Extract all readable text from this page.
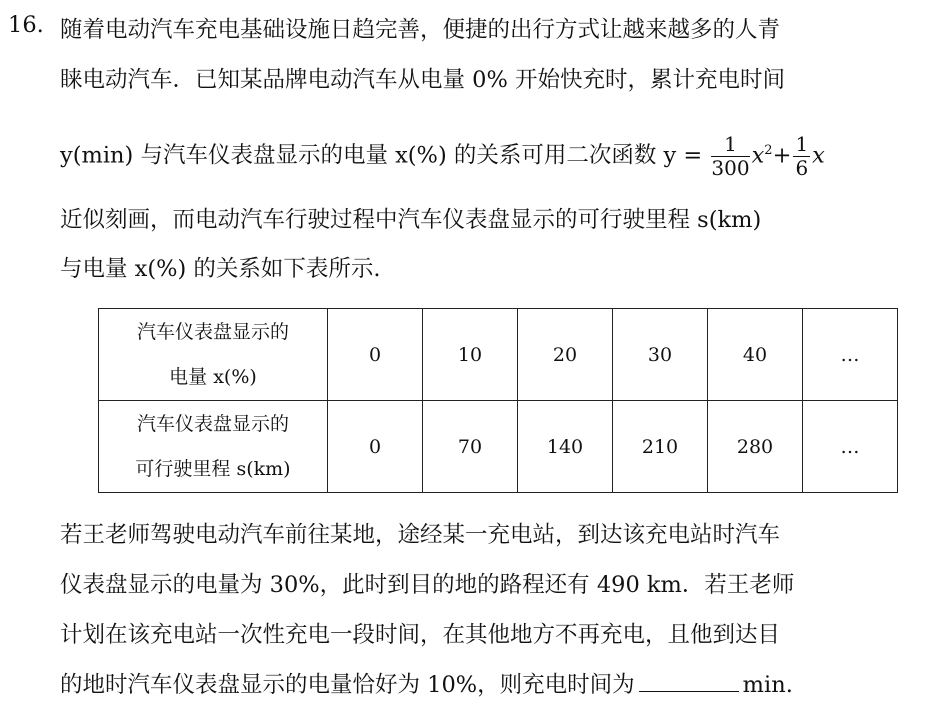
16. 随着电动汽车充电基础设施日趋完善，便捷的出行方式让越来越多的人青
睐电动汽车．已知某品牌电动汽车从电量 0% 开始快充时，累计充电时间
y(min) 与汽车仪表盘显示的电量 x(%) 的关系可用二次函数 $y = \frac{1}{300} x^2+ \frac{1}{6}$ x
近似刻画，而电动汽车行驶过程中汽车仪表盘显示的可行驶里程 s(km)
与电量 x(%) 的关系如下表所示.
汽车仪表盘显示的
电量 x(%)	0	10	20	30	40	…

汽车仪表盘显示的
可行驶里程 s(km)	0	70	140	210	280	…
若王老师驾驶电动汽车前往某地，途经某一充电站，到达该充电站时汽车
仪表盘显示的电量为 30%，此时到目的地的路程还有 490 km．若王老师
计划在该充电站一次性充电一段时间，在其他地方不再充电，且他到达目
的地时汽车仪表盘显示的电量恰好为 10%，则充电时间为	min.
